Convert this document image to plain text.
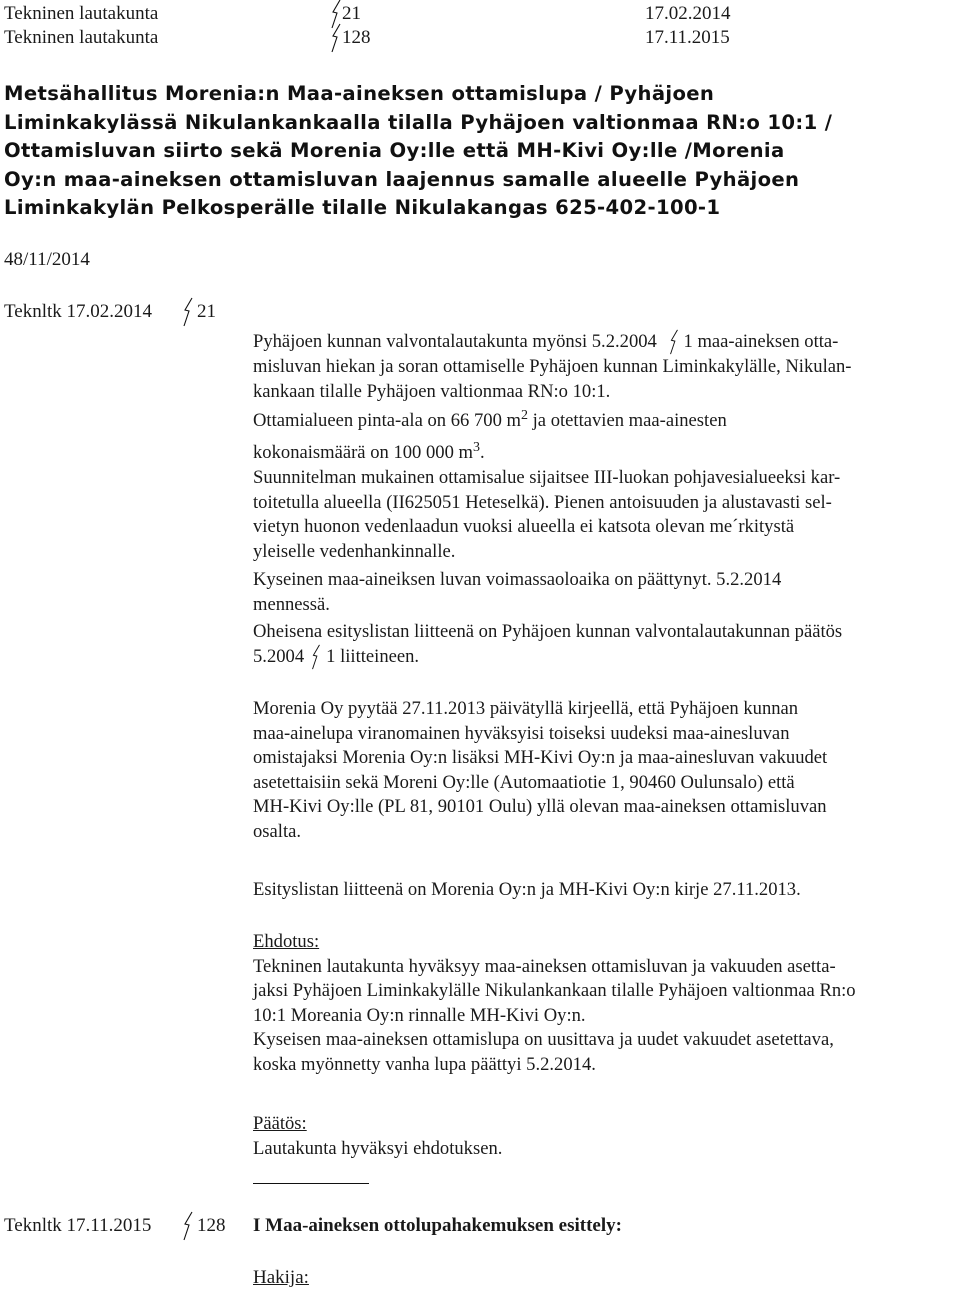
Tekninen lautakunta	21	17.02.2014
Tekninen lautakunta	128	17.11.2015
Metsähallitus Morenia:n Maa-aineksen ottamislupa / Pyhäjoen
Liminkakylässä Nikulankankaalla tilalla Pyhäjoen valtionmaa RN:o 10:1 /
Ottamisluvan siirto sekä Morenia Oy:lle että MH-Kivi Oy:lle /Morenia
Oy:n maa-aineksen ottamisluvan laajennus samalle alueelle Pyhäjoen
Liminkakylän Pelkosperälle tilalle Nikulakangas 625-402-100-1
48/11/2014
Teknltk 17.02.2014 21

Pyhäjoen kunnan valvontalautakunta myönsi 5.2.2004 1 maa-aineksen otta-

misluvan hiekan ja soran ottamiselle Pyhäjoen kunnan Liminkakylälle, Nikulan-

kankaan tilalle Pyhäjoen valtionmaa RN:o 10:1.

Ottamialueen pinta-ala on 66 700 $m^2$ ja otettavien maa-ainesten

kokonaismäärä on 100 000 $m^3$.

Suunnitelman mukainen ottamisalue sijaitsee III-luokan pohjavesialueeksi kar-

toitetulla alueella (II625051 Heteselkä). Pienen antoisuuden ja alustavasti sel-

vietyn huonon vedenlaadun vuoksi alueella ei katsota olevan me´rkitystä

yleiselle vedenhankinnalle.

Kyseinen maa-aineiksen luvan voimassaoloaika on päättynyt. 5.2.2014

mennessä.

Oheisena esityslistan liitteenä on Pyhäjoen kunnan valvontalautakunnan päätös

5.2004 1 liitteineen.

Morenia Oy pyytää 27.11.2013 päivätyllä kirjeellä, että Pyhäjoen kunnan

maa-ainelupa viranomainen hyväksyisi toiseksi uudeksi maa-ainesluvan

omistajaksi Morenia Oy:n lisäksi MH-Kivi Oy:n ja maa-ainesluvan vakuudet

asetettaisiin sekä Moreni Oy:lle (Automaatiotie 1, 90460 Oulunsalo) että

MH-Kivi Oy:lle (PL 81, 90101 Oulu) yllä olevan maa-aineksen ottamisluvan

osalta.

Esityslistan liitteenä on Morenia Oy:n ja MH-Kivi Oy:n kirje 27.11.2013.

Ehdotus:

Tekninen lautakunta hyväksyy maa-aineksen ottamisluvan ja vakuuden asetta-

jaksi Pyhäjoen Liminkakylälle Nikulankankaan tilalle Pyhäjoen valtionmaa Rn:o

10:1 Moreania Oy:n rinnalle MH-Kivi Oy:n.

Kyseisen maa-aineksen ottamislupa on uusittava ja uudet vakuudet asetettava,

koska myönnetty vanha lupa päättyi 5.2.2014.

Päätös:

Lautakunta hyväksyi ehdotuksen.

Teknltk 17.11.2015 128 I Maa-aineksen ottolupahakemuksen esittely:
Hakija:
